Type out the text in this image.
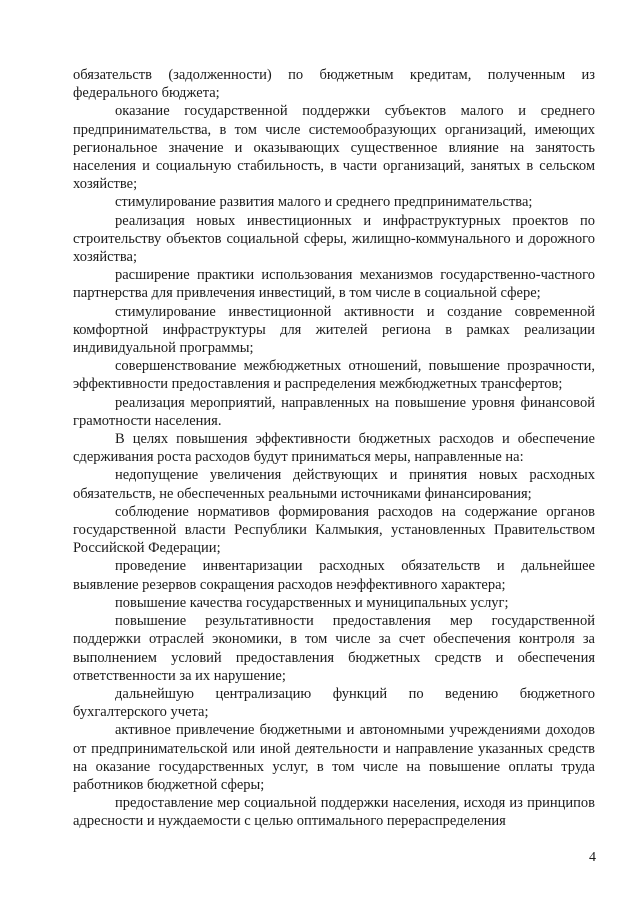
обязательств (задолженности) по бюджетным кредитам, полученным из федерального бюджета;

оказание государственной поддержки субъектов малого и среднего предпринимательства, в том числе системообразующих организаций, имеющих региональное значение и оказывающих существенное влияние на занятость населения и социальную стабильность, в части организаций, занятых в сельском хозяйстве;

стимулирование развития малого и среднего предпринимательства;

реализация новых инвестиционных и инфраструктурных проектов по строительству объектов социальной сферы, жилищно-коммунального и дорожного хозяйства;

расширение практики использования механизмов государственно-частного партнерства для привлечения инвестиций, в том числе в социальной сфере;

стимулирование инвестиционной активности и создание современной комфортной инфраструктуры для жителей региона в рамках реализации индивидуальной программы;

совершенствование межбюджетных отношений, повышение прозрачности, эффективности предоставления и распределения межбюджетных трансфертов;

реализация мероприятий, направленных на повышение уровня финансовой грамотности населения.

В целях повышения эффективности бюджетных расходов и обеспечение сдерживания роста расходов будут приниматься меры, направленные на:

недопущение увеличения действующих и принятия новых расходных обязательств, не обеспеченных реальными источниками финансирования;

соблюдение нормативов формирования расходов на содержание органов государственной власти Республики Калмыкия, установленных Правительством Российской Федерации;

проведение инвентаризации расходных обязательств и дальнейшее выявление резервов сокращения расходов неэффективного характера;

повышение качества государственных и муниципальных услуг;

повышение результативности предоставления мер государственной поддержки отраслей экономики, в том числе за счет обеспечения контроля за выполнением условий предоставления бюджетных средств и обеспечения ответственности за их нарушение;

дальнейшую централизацию функций по ведению бюджетного бухгалтерского учета;

активное привлечение бюджетными и автономными учреждениями доходов от предпринимательской или иной деятельности и направление указанных средств на оказание государственных услуг, в том числе на повышение оплаты труда работников бюджетной сферы;

предоставление мер социальной поддержки населения, исходя из принципов адресности и нуждаемости с целью оптимального перераспределения

4
